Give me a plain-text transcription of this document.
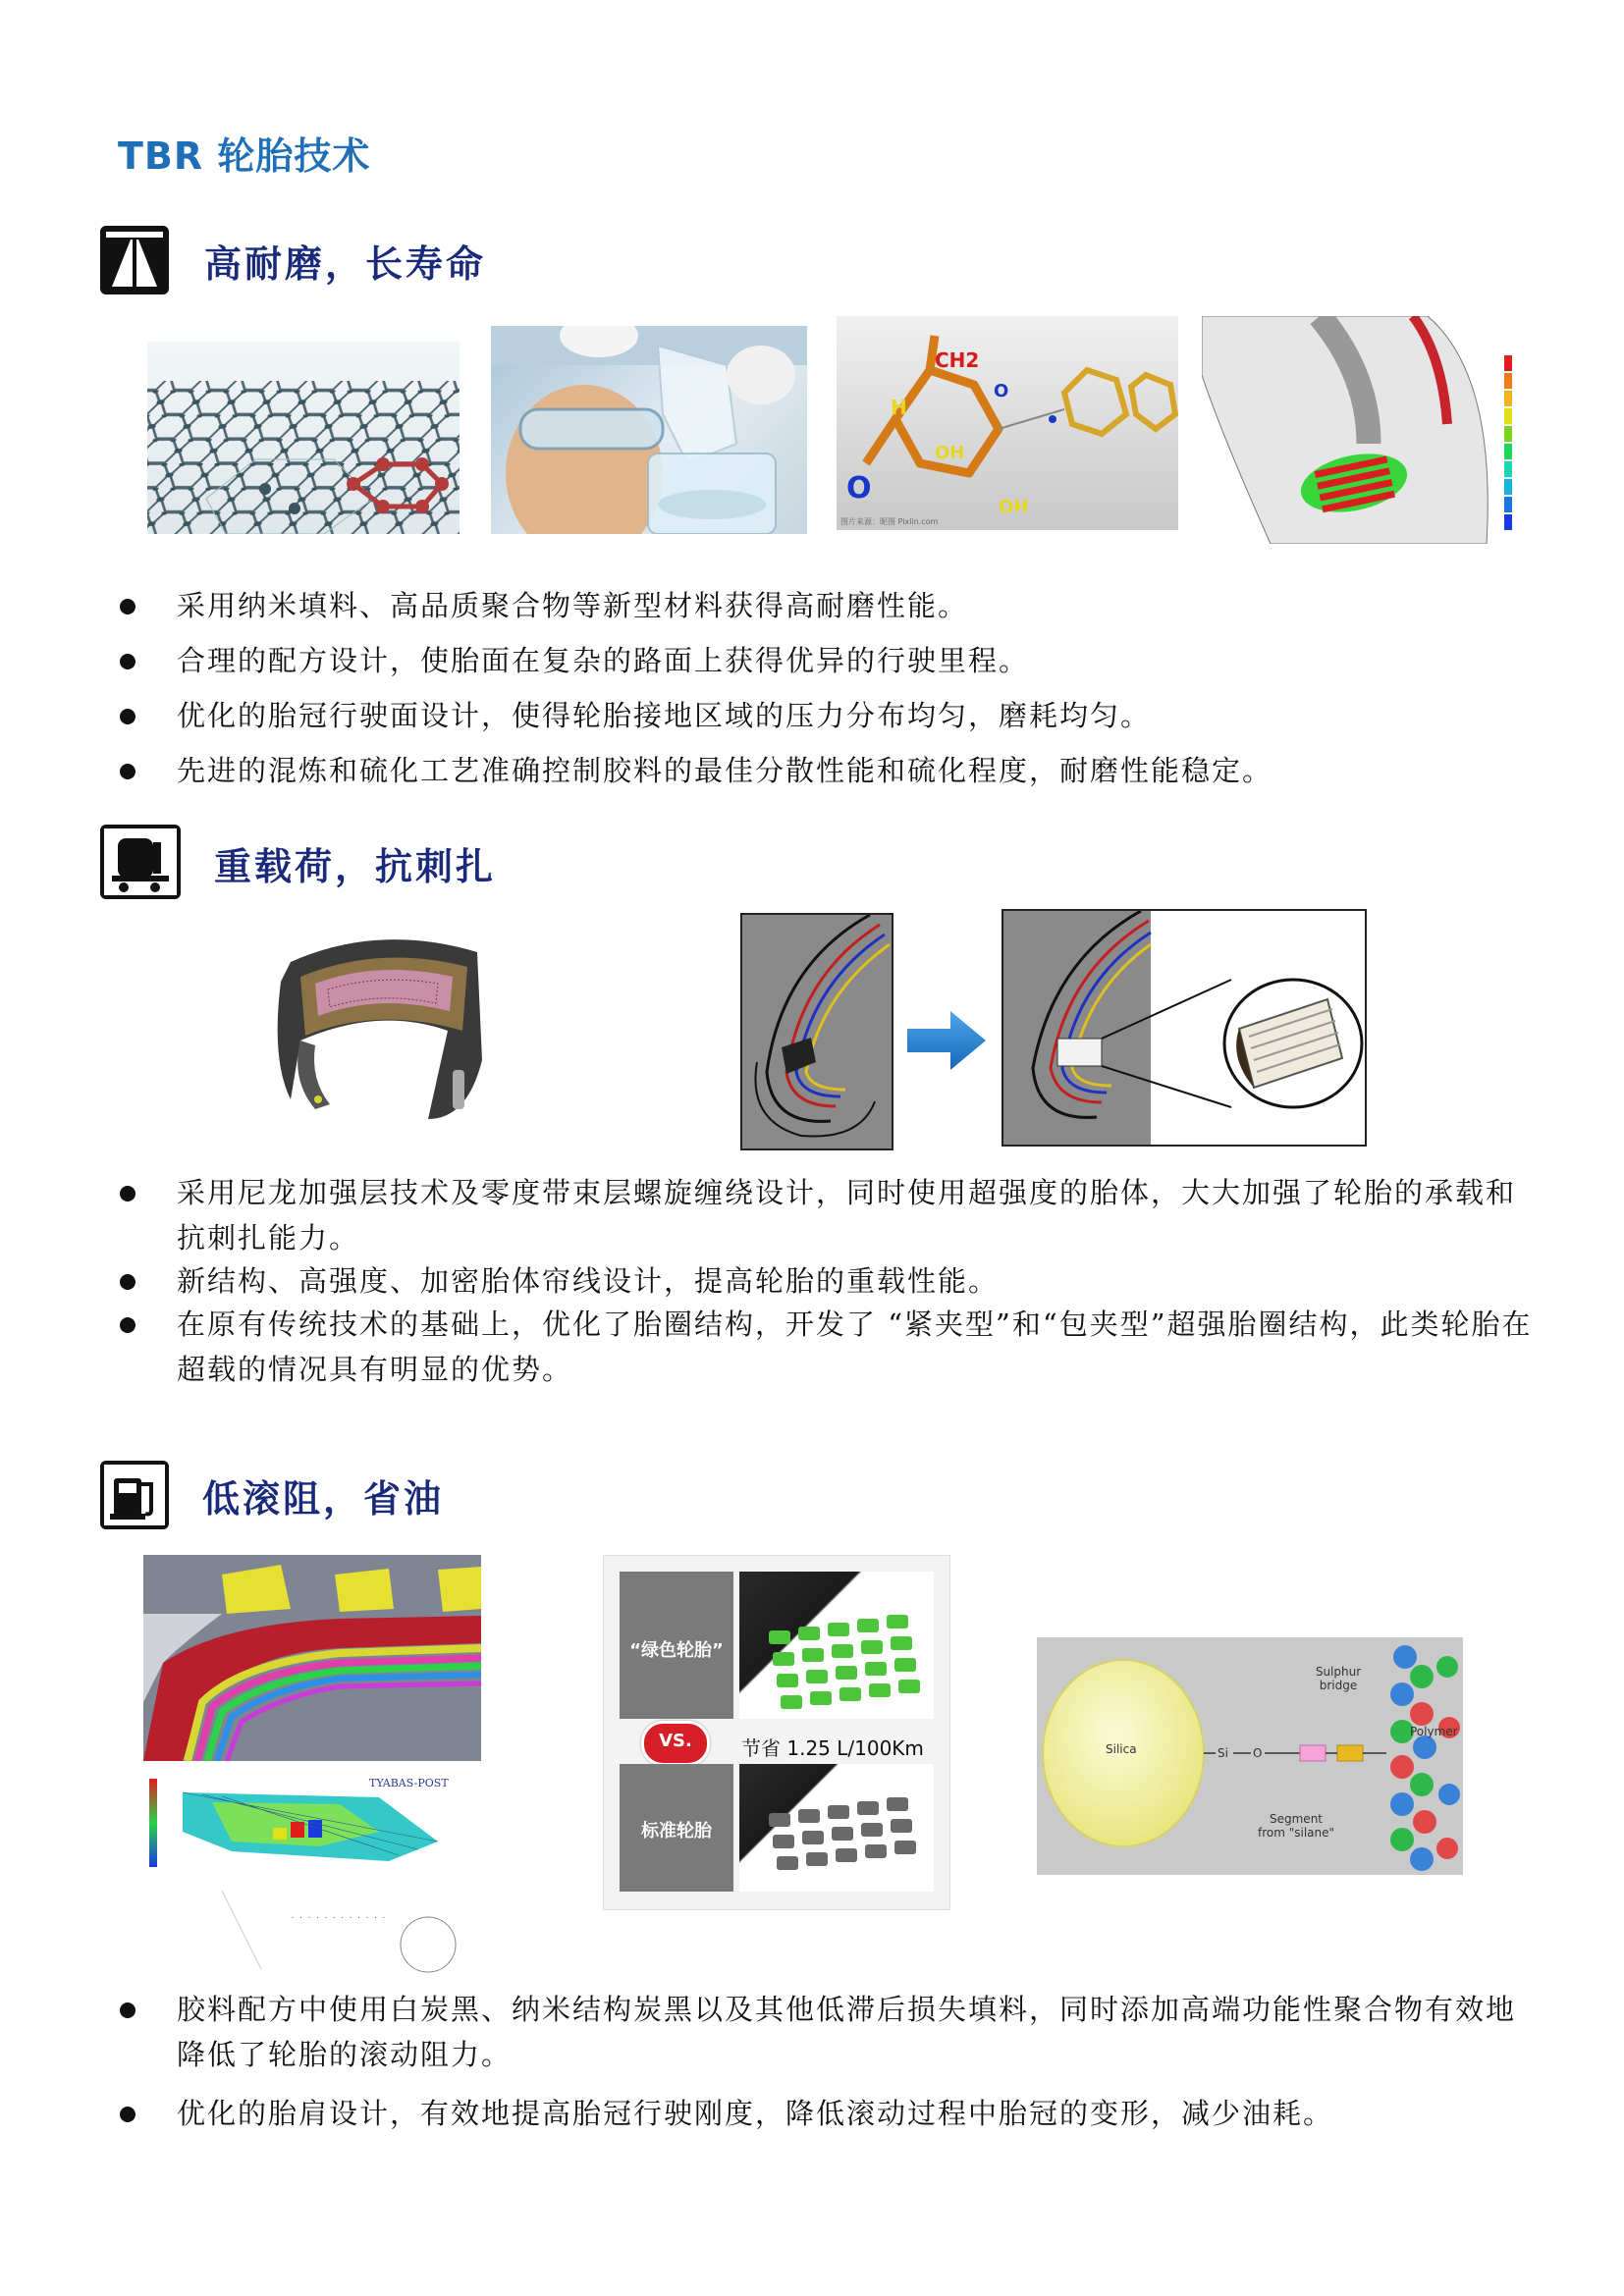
TBR 轮胎技术
高耐磨，长寿命
CH2
O
O
H
OH
OH
图片来源：昵图 Pixlin.com
采用纳米填料、高品质聚合物等新型材料获得高耐磨性能。
合理的配方设计，使胎面在复杂的路面上获得优异的行驶里程。
优化的胎冠行驶面设计，使得轮胎接地区域的压力分布均匀，磨耗均匀。
先进的混炼和硫化工艺准确控制胶料的最佳分散性能和硫化程度，耐磨性能稳定。
重载荷，抗刺扎
采用尼龙加强层技术及零度带束层螺旋缠绕设计，同时使用超强度的胎体，大大加强了轮胎的承载和抗刺扎能力。
新结构、高强度、加密胎体帘线设计，提高轮胎的重载性能。
在原有传统技术的基础上，优化了胎圈结构，开发了 “紧夹型”和“包夹型”超强胎圈结构，此类轮胎在超载的情况具有明显的优势。
低滚阻，省油
TYABAS-POST
· · · · · · · · · · · ·
“绿色轮胎”
VS.	节省 1.25 L/100Km
标准轮胎
Silica	Si O
Polymer
Sulphur
bridge
Segment
from "silane"
胶料配方中使用白炭黑、纳米结构炭黑以及其他低滞后损失填料，同时添加高端功能性聚合物有效地降低了轮胎的滚动阻力。
优化的胎肩设计，有效地提高胎冠行驶刚度，降低滚动过程中胎冠的变形，减少油耗。
